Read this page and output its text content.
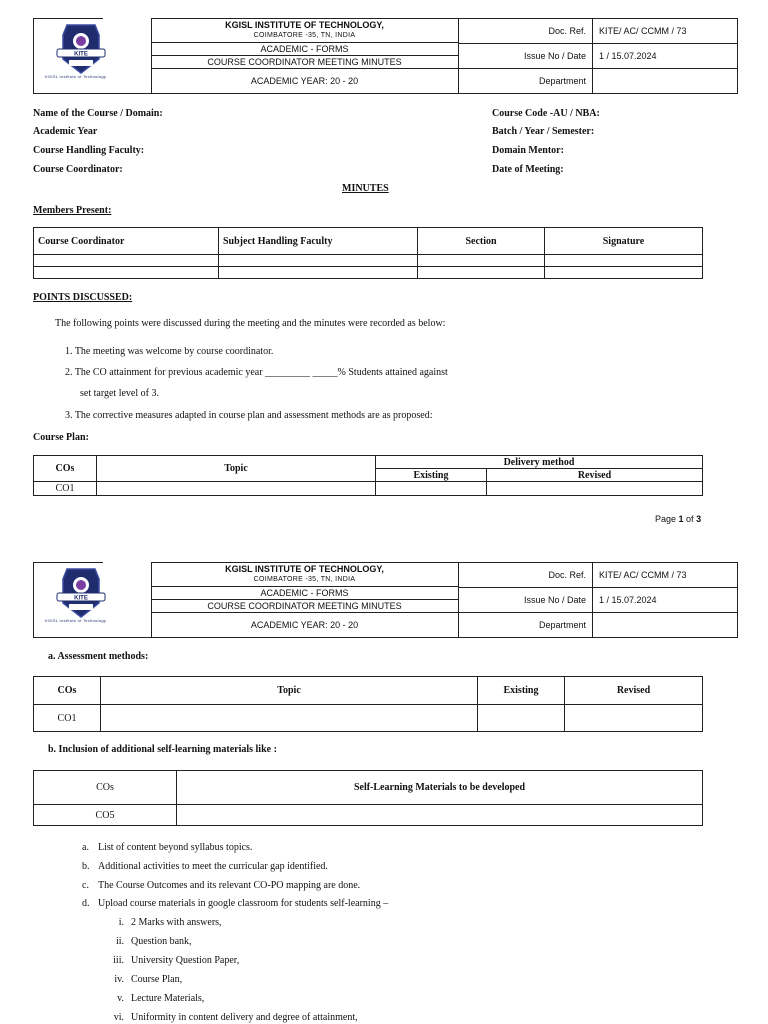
KITE
KGISL Institute of Technology
KGISL INSTITUTE OF TECHNOLOGY,
COIMBATORE -35, TN, INDIA
ACADEMIC - FORMS
COURSE COORDINATOR MEETING MINUTES
ACADEMIC YEAR: 20 - 20
Doc. Ref. KITE/ AC/ CCMM / 73
Issue No / Date 1 / 15.07.2024
Department
Name of the Course / Domain:
Academic Year
Course Handling Faculty:
Course Coordinator:
Course Code -AU / NBA:
Batch / Year / Semester:
Domain Mentor:
Date of Meeting:
MINUTES
Members Present:
Course Coordinator	Subject Handling Faculty	Section	Signature

POINTS DISCUSSED:
The following points were discussed during the meeting and the minutes were recorded as below:
1. The meeting was welcome by course coordinator.
2. The CO attainment for previous academic year _________ _____% Students attained against
set target level of 3.
3. The corrective measures adapted in course plan and assessment methods are as proposed:
Course Plan:
COs	Topic	Delivery method	
		Existing	Revised
CO1			
Page 1 of 3
KITE
KGISL Institute of Technology
KGISL INSTITUTE OF TECHNOLOGY,
COIMBATORE -35, TN, INDIA
ACADEMIC - FORMS
COURSE COORDINATOR MEETING MINUTES
ACADEMIC YEAR: 20 - 20
Doc. Ref. KITE/ AC/ CCMM / 73
Issue No / Date 1 / 15.07.2024
Department
a. Assessment methods:
COs	Topic	Existing	Revised
CO1			
b. Inclusion of additional self-learning materials like :
COs	Self-Learning Materials to be developed
CO5	
a. List of content beyond syllabus topics.
b. Additional activities to meet the curricular gap identified.
c. The Course Outcomes and its relevant CO-PO mapping are done.
d. Upload course materials in google classroom for students self-learning –
i. 2 Marks with answers,
ii. Question bank,
iii. University Question Paper,
iv. Course Plan,
v. Lecture Materials,
vi. Uniformity in content delivery and degree of attainment,
